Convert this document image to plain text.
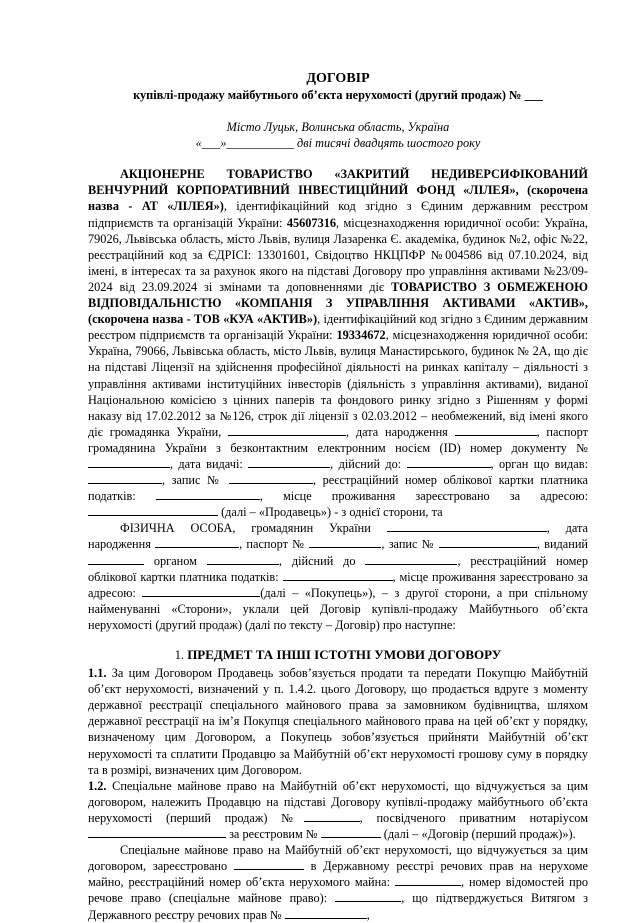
ДОГОВІР

купівлі-продажу майбутнього об’єкта нерухомості (другий продаж) № ___

Місто Луцьк, Волинська область, Україна

«___»___________ дві тисячі двадцять шостого року

АКЦІОНЕРНЕ ТОВАРИСТВО «ЗАКРИТИЙ НЕДИВЕРСИФІКОВАНИЙ ВЕНЧУРНИЙ КОРПОРАТИВНИЙ ІНВЕСТИЦІЙНИЙ ФОНД «ЛІЛЕЯ», (скорочена назва - АТ «ЛІЛЕЯ»), ідентифікаційний код згідно з Єдиним державним реєстром підприємств та організацій України: 45607316, місцезнаходження юридичної особи: Україна, 79026, Львівська область, місто Львів, вулиця Лазаренка Є. академіка, будинок №2, офіс №22, реєстраційний код за ЄДРІСІ: 13301601, Свідоцтво НКЦПФР №004586 від 07.10.2024, від імені, в інтересах та за рахунок якого на підставі Договору про управління активами №23/09-2024 від 23.09.2024 зі змінами та доповненнями діє ТОВАРИСТВО З ОБМЕЖЕНОЮ ВІДПОВІДАЛЬНІСТЮ «КОМПАНІЯ З УПРАВЛІННЯ АКТИВАМИ «АКТИВ», (скорочена назва - ТОВ «КУА «АКТИВ»), ідентифікаційний код згідно з Єдиним державним реєстром підприємств та організацій України: 19334672, місцезнаходження юридичної особи: Україна, 79066, Львівська область, місто Львів, вулиця Манастирського, будинок № 2А, що діє на підставі Ліцензії на здійснення професійної діяльності на ринках капіталу – діяльності з управління активами інституційних інвесторів (діяльність з управління активами), виданої Національною комісією з цінних паперів та фондового ринку згідно з Рішенням у формі наказу від 17.02.2012 за №126, строк дії ліцензії з 02.03.2012 – необмежений, від імені якого діє громадянка України,	, дата народження	, паспорт громадянина України з безконтактним електронним носієм (ID) номер документу № , дата видачі:	, дійсний до:	, орган що видав: , запис №	, реєстраційний номер облікової картки платника податків:	, місце проживання зареєстровано за адресою:  (далі – «Продавець») - з однієї сторони, та

ФІЗИЧНА ОСОБА, громадянин України	, дата народження	, паспорт №	, запис №	, виданий  органом	, дійсний до	, реєстраційний номер облікової картки платника податків:	, місце проживання зареєстровано за адресою:	(далі – «Покупець»), – з другої сторони, а при спільному найменуванні «Сторони», уклали цей Договір купівлі-продажу Майбутнього об’єкта нерухомості (другий продаж) (далі по тексту – Договір) про наступне:

1. ПРЕДМЕТ ТА ІНШІ ІСТОТНІ УМОВИ ДОГОВОРУ

1.1. За цим Договором Продавець зобов’язується продати та передати Покупцю Майбутній об’єкт нерухомості, визначений у п. 1.4.2. цього Договору, що продається вдруге з моменту державної реєстрації спеціального майнового права за замовником будівництва, шляхом державної реєстрації на ім’я Покупця спеціального майнового права на цей об’єкт у порядку, визначеному цим Договором, а Покупець зобов’язується прийняти Майбутній об’єкт нерухомості та сплатити Продавцю за Майбутній об’єкт нерухомості грошову суму в порядку та в розмірі, визначених цим Договором.

1.2. Спеціальне майнове право на Майбутній об’єкт нерухомості, що відчужується за цим договором, належить Продавцю на підставі Договору купівлі-продажу майбутнього об’єкта нерухомості (перший продаж) №	, посвідченого приватним нотаріусом  за реєстровим №	(далі – «Договір (перший продаж)»).

Спеціальне майнове право на Майбутній об’єкт нерухомості, що відчужується за цим договором, зареєстровано	в Державному реєстрі речових прав на нерухоме майно, реєстраційний номер об’єкта нерухомого майна:	, номер відомостей про речове право (спеціальне майнове право):	, що підтверджується Витягом з Державного реєстру речових прав №	,
